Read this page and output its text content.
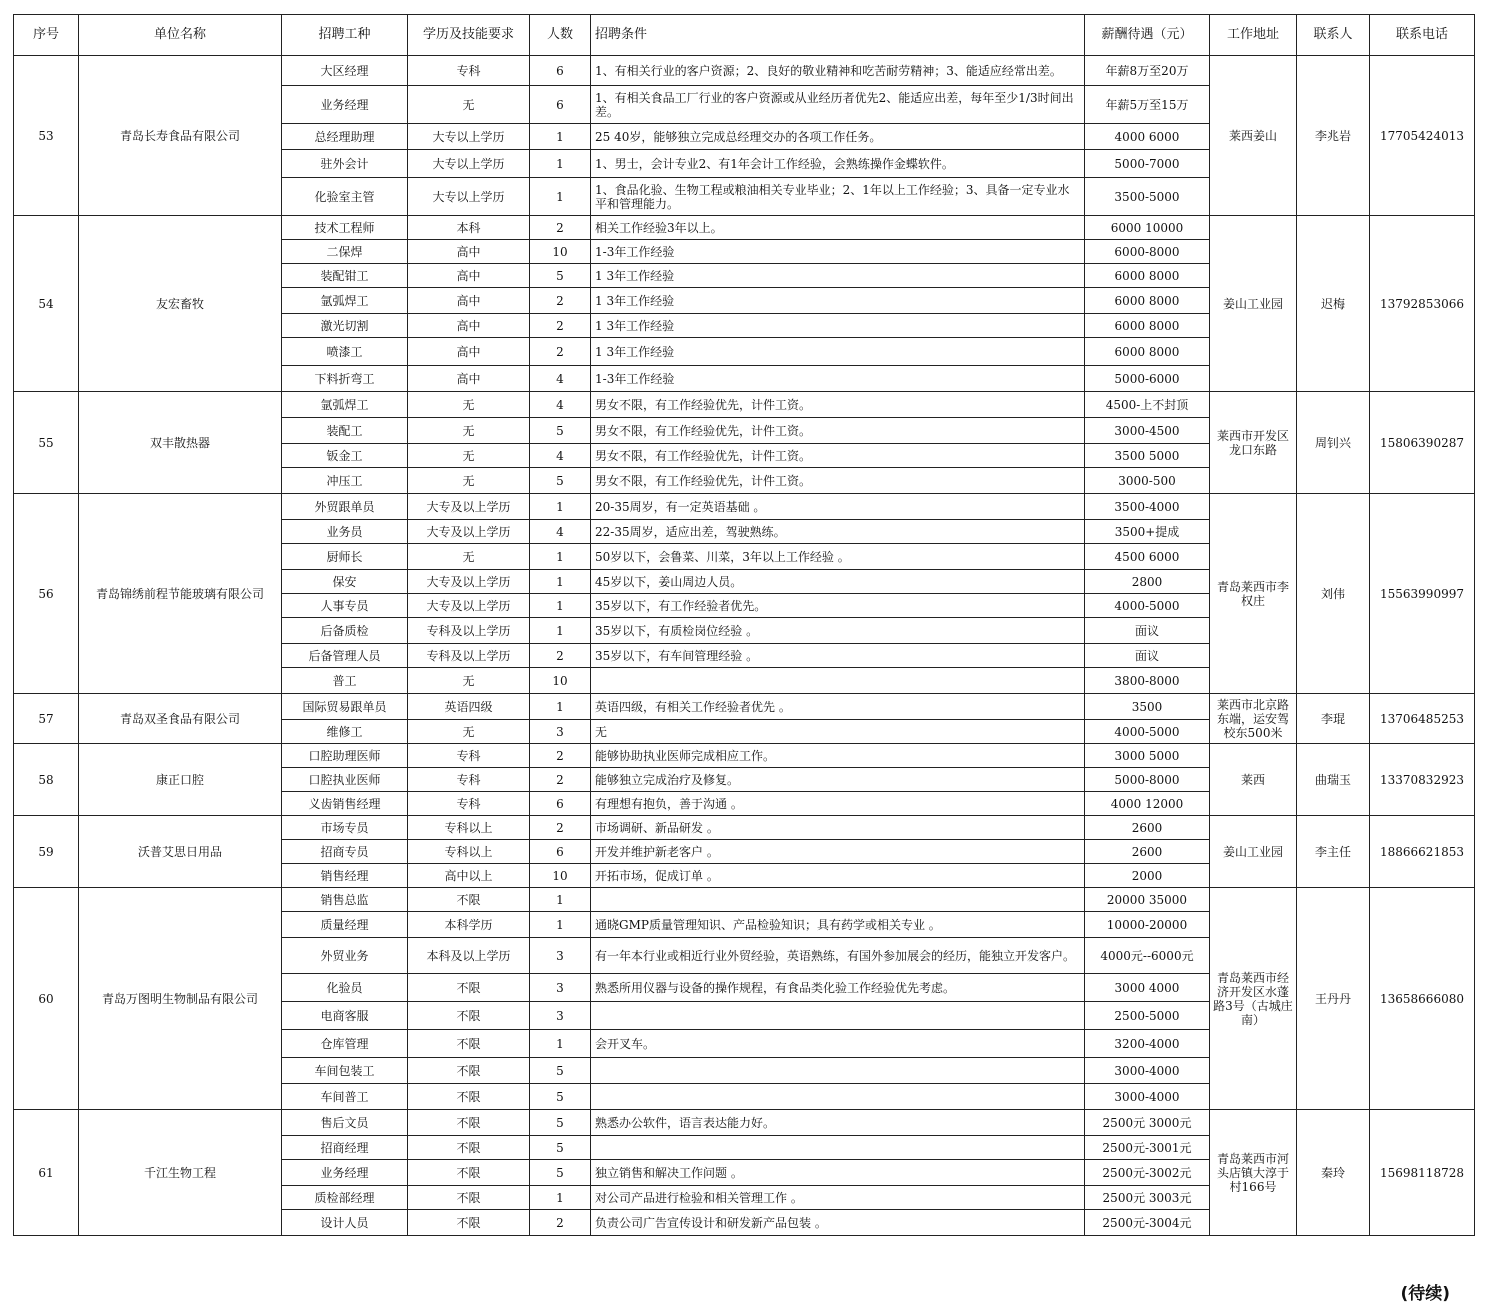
序号	单位名称	招聘工种	学历及技能要求	人数	招聘条件	薪酬待遇（元）	工作地址	联系人	联系电话
53	青岛长寿食品有限公司	大区经理	专科	6	1、有相关行业的客户资源；2、良好的敬业精神和吃苦耐劳精神；3、能适应经常出差。	年薪8万至20万	莱西姜山	李兆岩	17705424013
		业务经理	无	6	1、有相关食品工厂行业的客户资源或从业经历者优先2、能适应出差，每年至少1/3时间出差。	年薪5万至15万			
		总经理助理	大专以上学历	1	25 40岁，能够独立完成总经理交办的各项工作任务。	4000 6000			
		驻外会计	大专以上学历	1	1、男士，会计专业2、有1年会计工作经验，会熟练操作金蝶软件。	5000-7000			
		化验室主管	大专以上学历	1	1、食品化验、生物工程或粮油相关专业毕业；2、1年以上工作经验；3、具备一定专业水平和管理能力。	3500-5000			
54	友宏畜牧	技术工程师	本科	2	相关工作经验3年以上。	6000 10000	姜山工业园	迟梅	13792853066
		二保焊	高中	10	1-3年工作经验	6000-8000			
		装配钳工	高中	5	1 3年工作经验	6000 8000			
		氩弧焊工	高中	2	1 3年工作经验	6000 8000			
		激光切割	高中	2	1 3年工作经验	6000 8000			
		喷漆工	高中	2	1 3年工作经验	6000 8000			
		下料折弯工	高中	4	1-3年工作经验	5000-6000			
55	双丰散热器	氩弧焊工	无	4	男女不限，有工作经验优先，计件工资。	4500-上不封顶	莱西市开发区龙口东路	周钊兴	15806390287
		装配工	无	5	男女不限，有工作经验优先，计件工资。	3000-4500			
		钣金工	无	4	男女不限，有工作经验优先，计件工资。	3500 5000			
		冲压工	无	5	男女不限，有工作经验优先，计件工资。	3000-500			
56	青岛锦绣前程节能玻璃有限公司	外贸跟单员	大专及以上学历	1	20-35周岁，有一定英语基础 。	3500-4000	青岛莱西市李权庄	刘伟	15563990997
		业务员	大专及以上学历	4	22-35周岁，适应出差，驾驶熟练。	3500+提成			
		厨师长	无	1	50岁以下，会鲁菜、川菜，3年以上工作经验 。	4500 6000			
		保安	大专及以上学历	1	45岁以下，姜山周边人员。	2800			
		人事专员	大专及以上学历	1	35岁以下，有工作经验者优先。	4000-5000			
		后备质检	专科及以上学历	1	35岁以下，有质检岗位经验 。	面议			
		后备管理人员	专科及以上学历	2	35岁以下，有车间管理经验 。	面议			
		普工	无	10		3800-8000			
57	青岛双圣食品有限公司	国际贸易跟单员	英语四级	1	英语四级，有相关工作经验者优先 。	3500	莱西市北京路东端，运安驾校东500米	李琨	13706485253
		维修工	无	3	无	4000-5000			
58	康正口腔	口腔助理医师	专科	2	能够协助执业医师完成相应工作。	3000 5000	莱西	曲瑞玉	13370832923
		口腔执业医师	专科	2	能够独立完成治疗及修复。	5000-8000			
		义齿销售经理	专科	6	有理想有抱负，善于沟通 。	4000 12000			
59	沃普艾思日用品	市场专员	专科以上	2	市场调研、新品研发 。	2600	姜山工业园	李主任	18866621853
		招商专员	专科以上	6	开发并维护新老客户 。	2600			
		销售经理	高中以上	10	开拓市场，促成订单 。	2000			
60	青岛万图明生物制品有限公司	销售总监	不限	1		20000 35000	青岛莱西市经济开发区水蓬路3号（古城庄南）	王丹丹	13658666080
		质量经理	本科学历	1	通晓GMP质量管理知识、产品检验知识；具有药学或相关专业 。	10000-20000			
		外贸业务	本科及以上学历	3	有一年本行业或相近行业外贸经验，英语熟练，有国外参加展会的经历，能独立开发客户。	4000元--6000元			
		化验员	不限	3	熟悉所用仪器与设备的操作规程，有食品类化验工作经验优先考虑。	3000 4000			
		电商客服	不限	3		2500-5000			
		仓库管理	不限	1	会开叉车。	3200-4000			
		车间包装工	不限	5		3000-4000			
		车间普工	不限	5		3000-4000			
61	千江生物工程	售后文员	不限	5	熟悉办公软件，语言表达能力好。	2500元 3000元	青岛莱西市河头店镇大淳于村166号	秦玲	15698118728
		招商经理	不限	5		2500元-3001元			
		业务经理	不限	5	独立销售和解决工作问题 。	2500元-3002元			
		质检部经理	不限	1	对公司产品进行检验和相关管理工作 。	2500元 3003元			
		设计人员	不限	2	负责公司广告宣传设计和研发新产品包装 。	2500元-3004元			
(待续)
